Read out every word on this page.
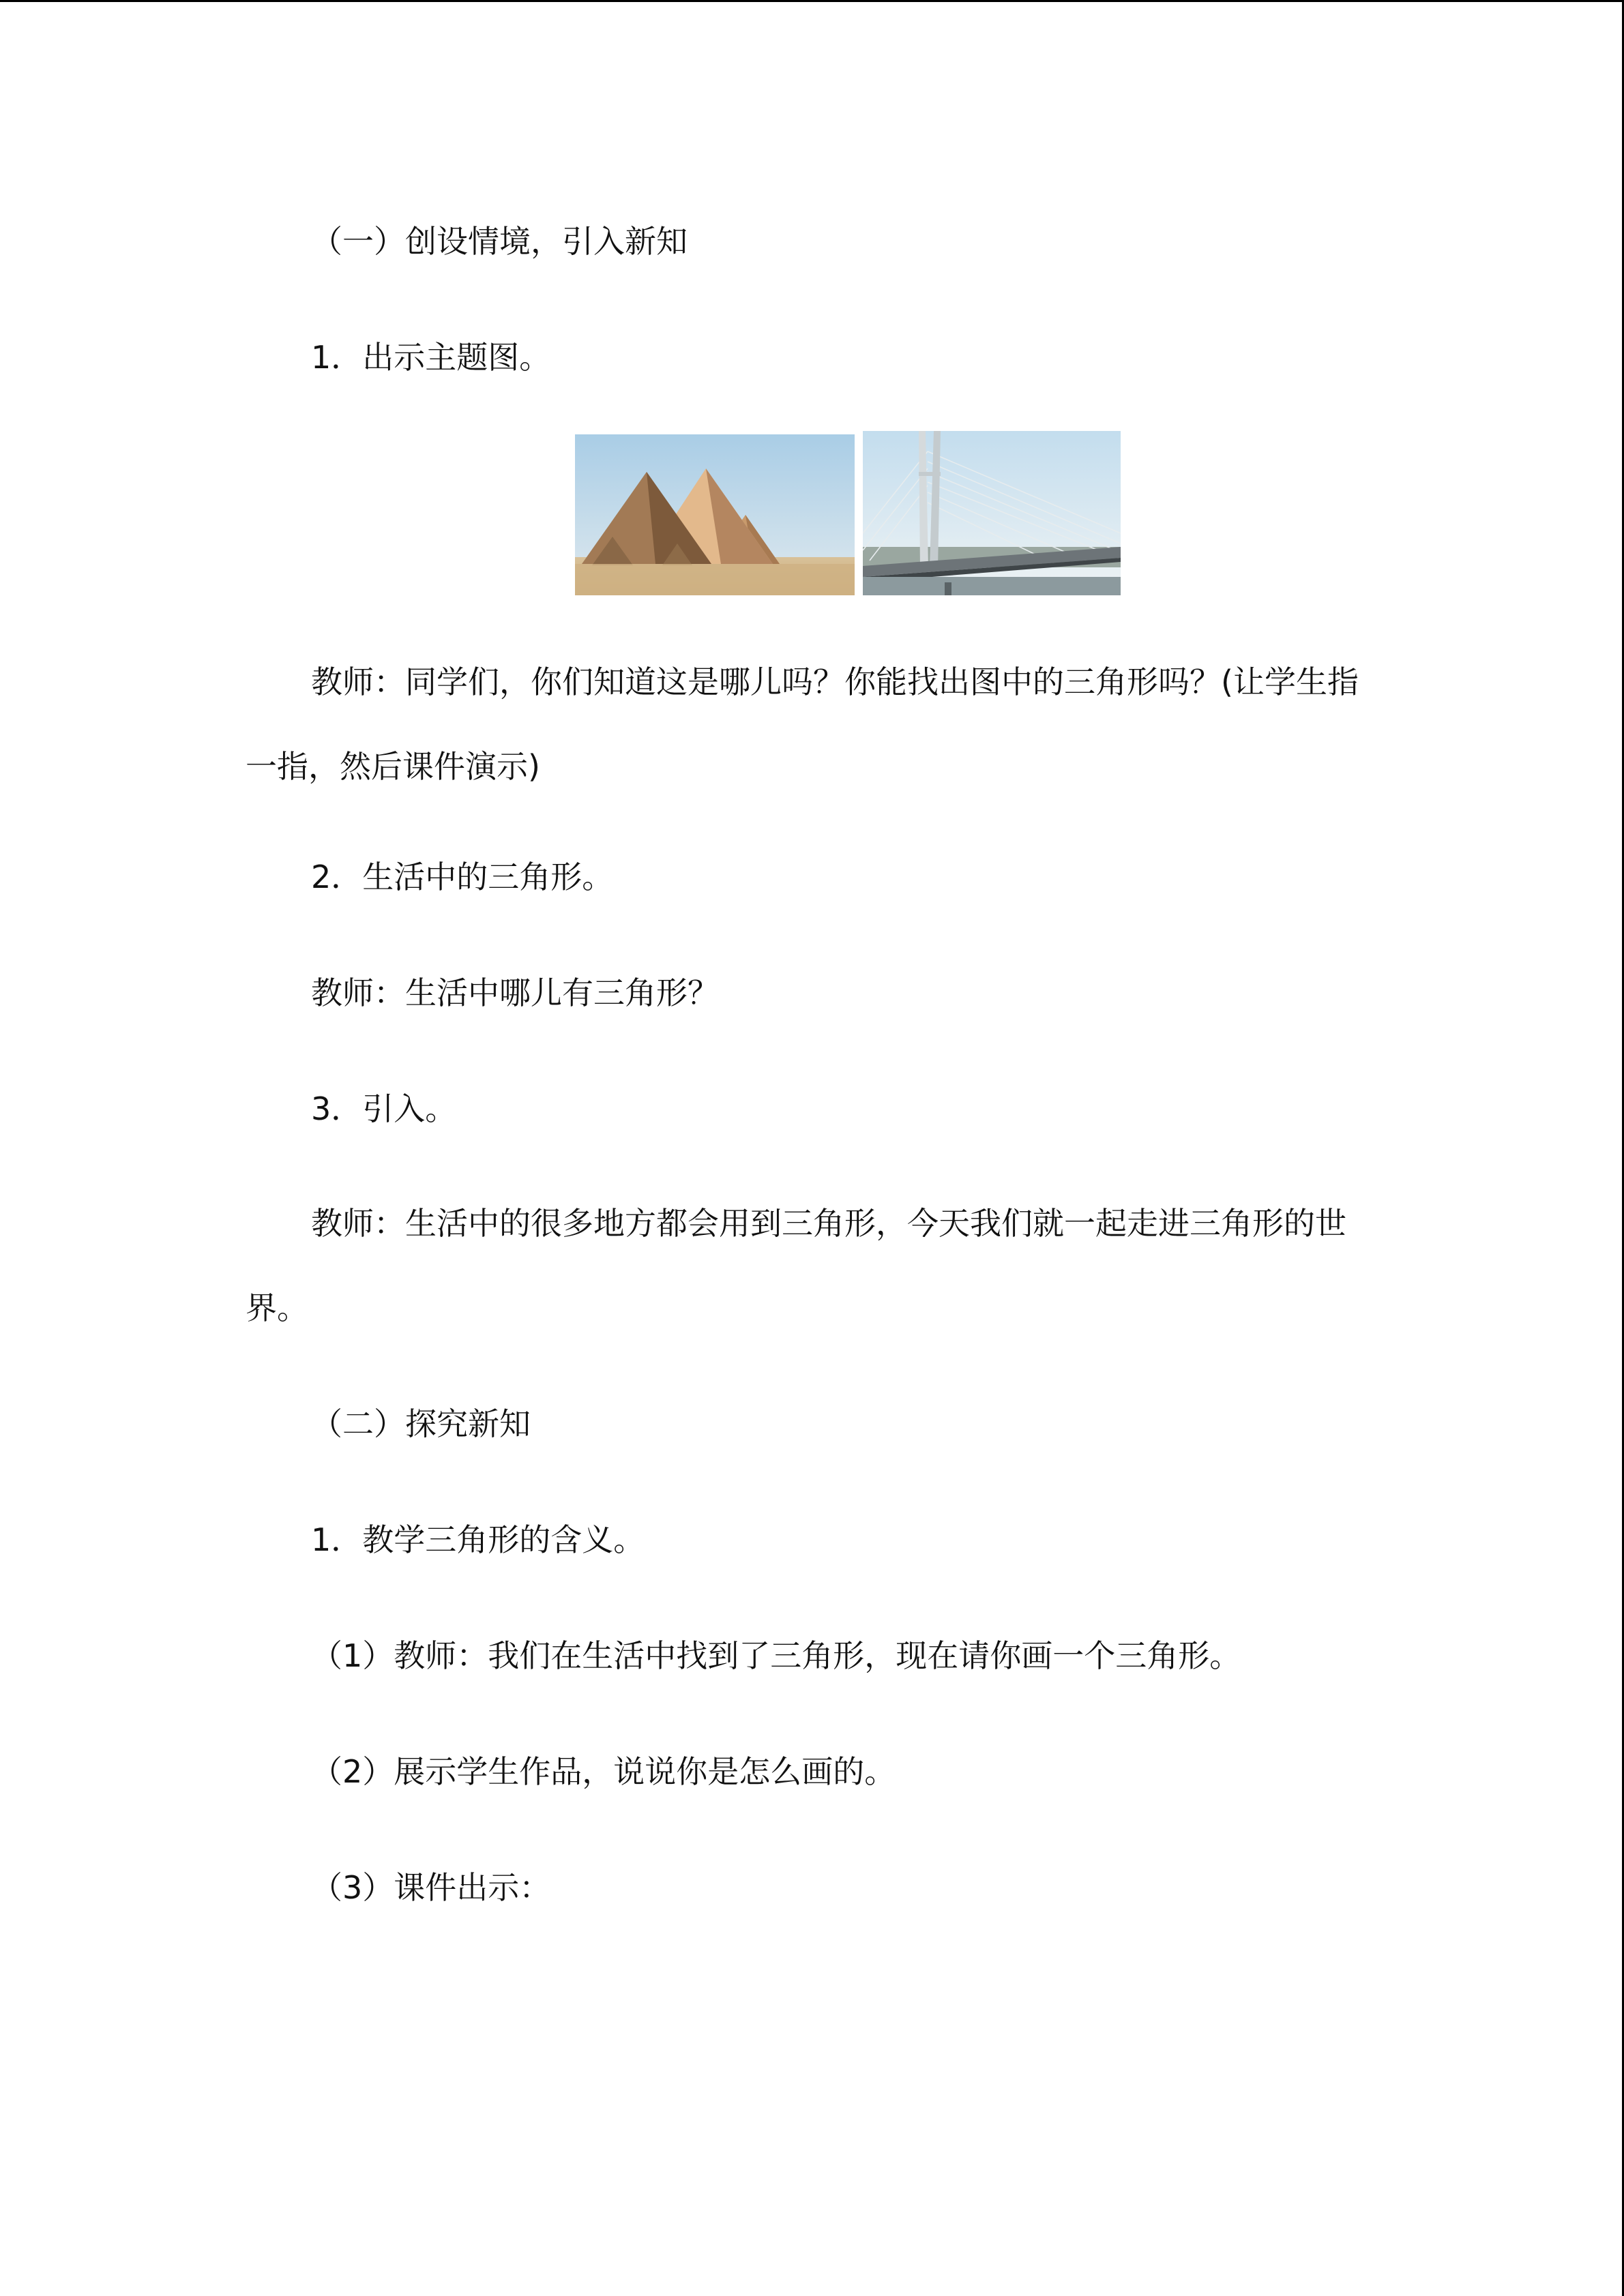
（一）创设情境，引入新知
1．出示主题图。
教师：同学们，你们知道这是哪儿吗？你能找出图中的三角形吗？(让学生指一指，然后课件演示)
2．生活中的三角形。
教师：生活中哪儿有三角形？
3．引入。
教师：生活中的很多地方都会用到三角形，今天我们就一起走进三角形的世界。
（二）探究新知
1．教学三角形的含义。
（1）教师：我们在生活中找到了三角形，现在请你画一个三角形。
（2）展示学生作品，说说你是怎么画的。
（3）课件出示：
